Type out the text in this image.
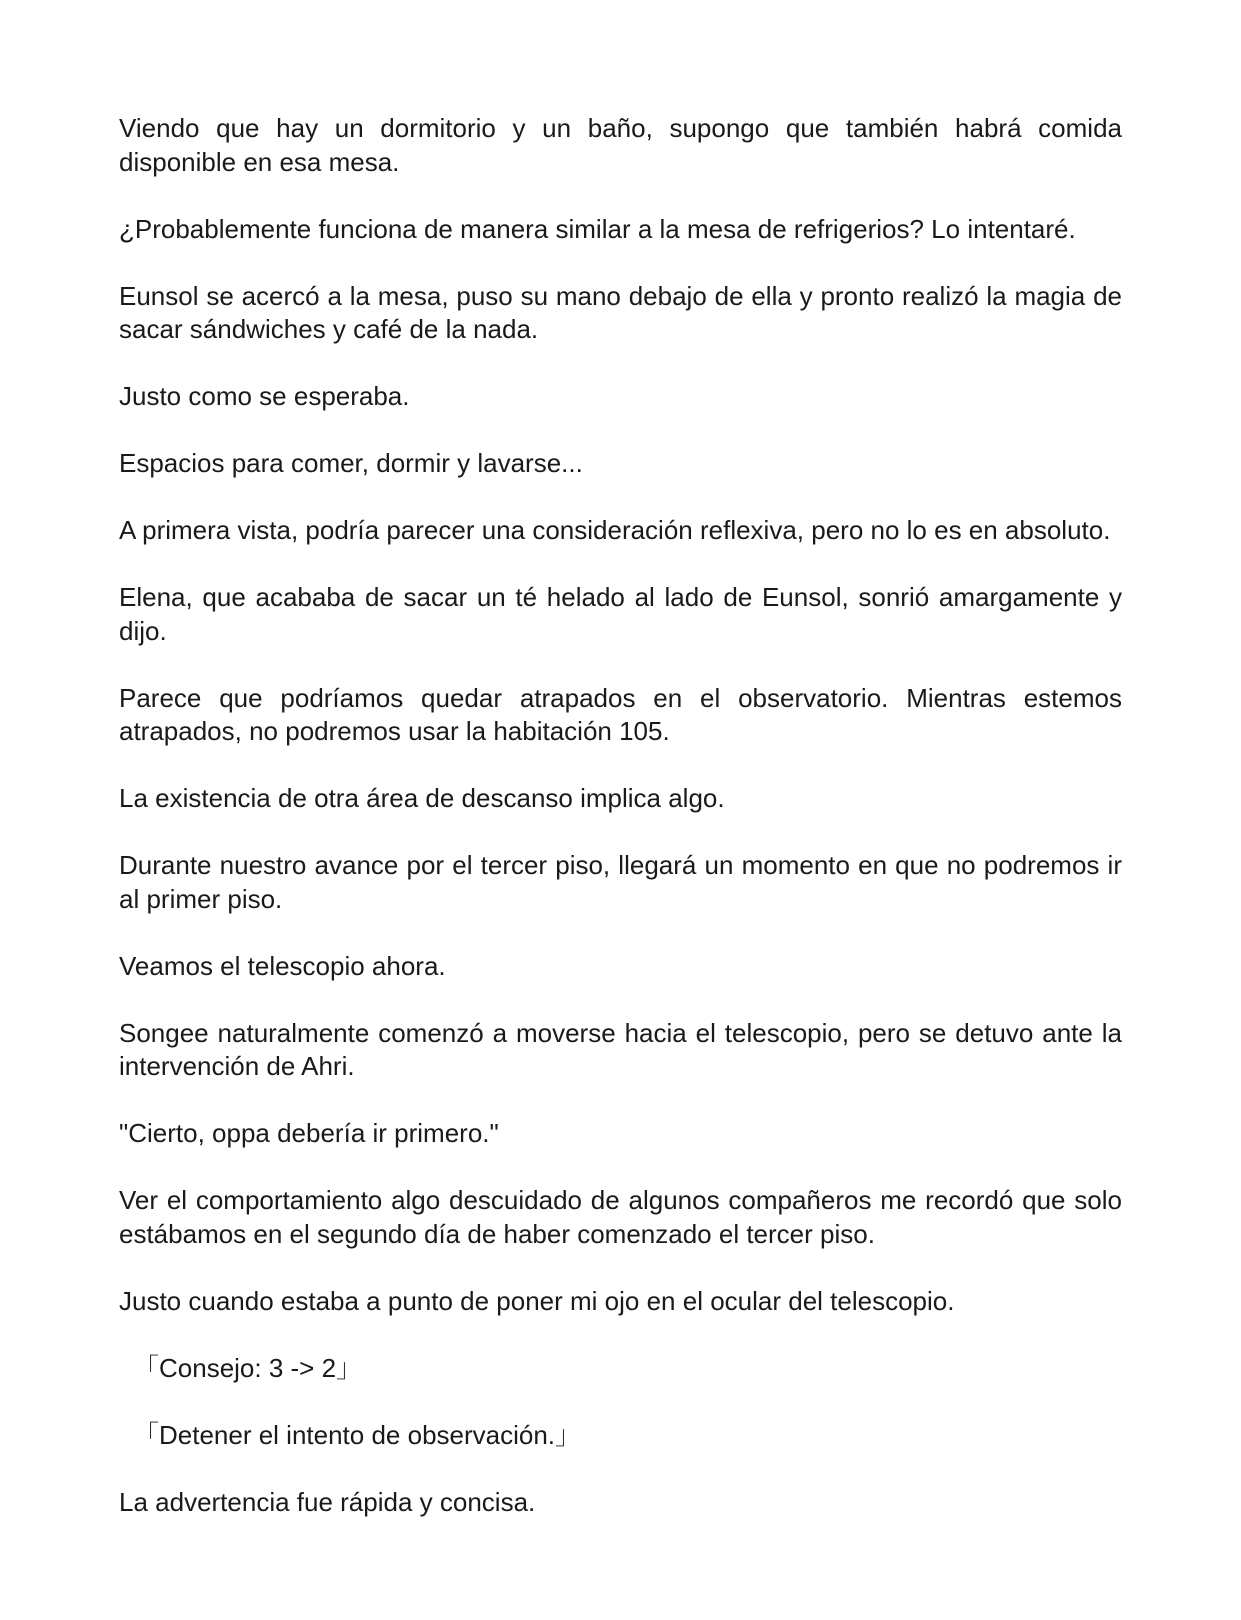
Viendo que hay un dormitorio y un baño, supongo que también habrá comida disponible en esa mesa.

¿Probablemente funciona de manera similar a la mesa de refrigerios? Lo intentaré.

Eunsol se acercó a la mesa, puso su mano debajo de ella y pronto realizó la magia de sacar sándwiches y café de la nada.

Justo como se esperaba.

Espacios para comer, dormir y lavarse...

A primera vista, podría parecer una consideración reflexiva, pero no lo es en absoluto.

Elena, que acababa de sacar un té helado al lado de Eunsol, sonrió amargamente y dijo.

Parece que podríamos quedar atrapados en el observatorio. Mientras estemos atrapados, no podremos usar la habitación 105.

La existencia de otra área de descanso implica algo.

Durante nuestro avance por el tercer piso, llegará un momento en que no podremos ir al primer piso.

Veamos el telescopio ahora.

Songee naturalmente comenzó a moverse hacia el telescopio, pero se detuvo ante la intervención de Ahri.

"Cierto, oppa debería ir primero."

Ver el comportamiento algo descuidado de algunos compañeros me recordó que solo estábamos en el segundo día de haber comenzado el tercer piso.

Justo cuando estaba a punto de poner mi ojo en el ocular del telescopio.

「Consejo: 3 -> 2」

「Detener el intento de observación.」

La advertencia fue rápida y concisa.
